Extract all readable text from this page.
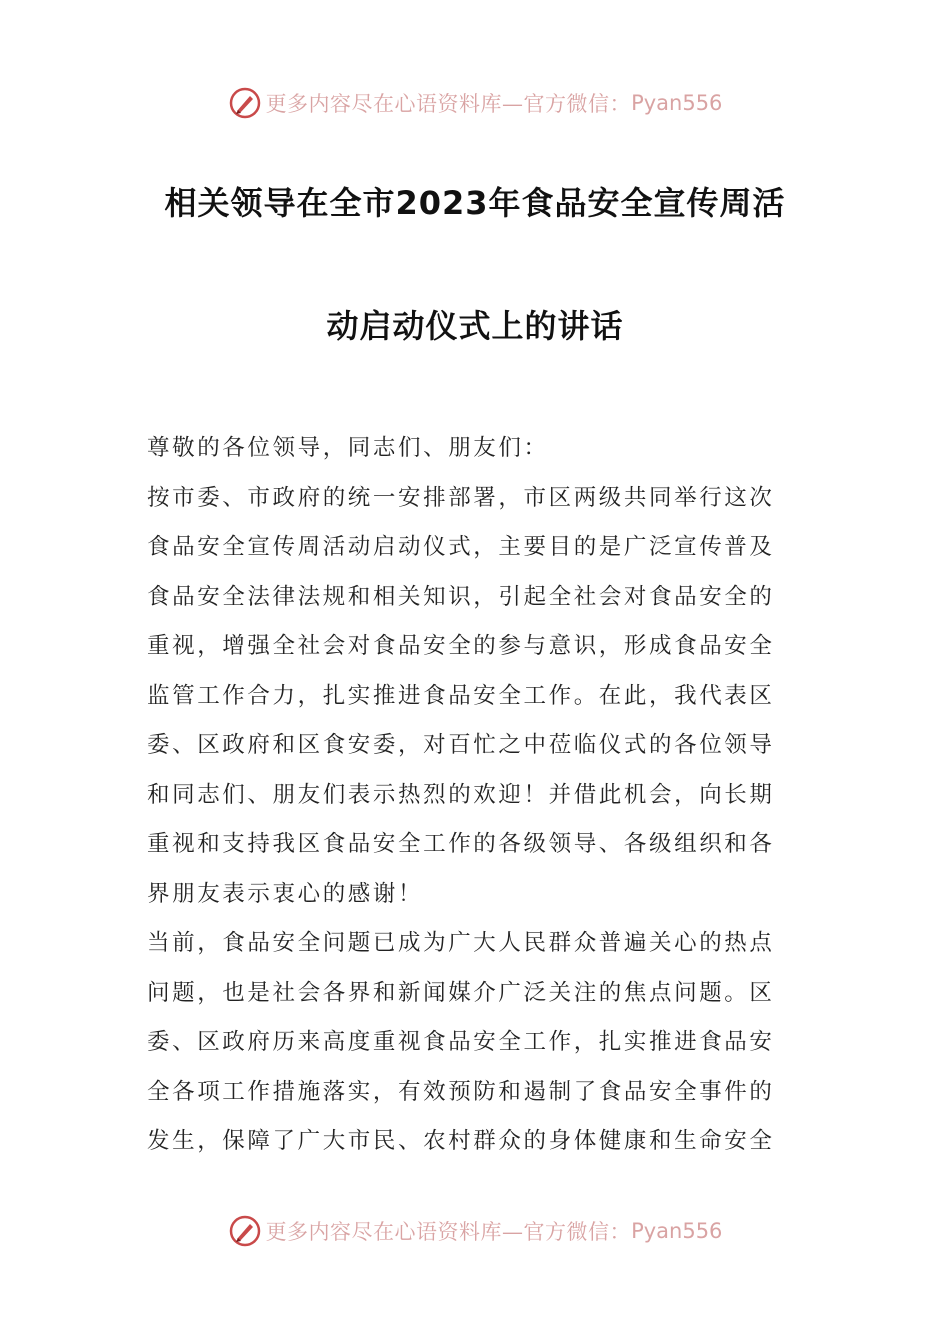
更多内容尽在心语资料库—官方微信： Pyan556
相关领导在全市2023年食品安全宣传周活
动启动仪式上的讲话
尊敬的各位领导，同志们、朋友们：
按市委、市政府的统一安排部署，市区两级共同举行这次
食品安全宣传周活动启动仪式，主要目的是广泛宣传普及
食品安全法律法规和相关知识，引起全社会对食品安全的
重视，增强全社会对食品安全的参与意识，形成食品安全
监管工作合力，扎实推进食品安全工作。在此，我代表区
委、区政府和区食安委，对百忙之中莅临仪式的各位领导
和同志们、朋友们表示热烈的欢迎！并借此机会，向长期
重视和支持我区食品安全工作的各级领导、各级组织和各
界朋友表示衷心的感谢！
当前，食品安全问题已成为广大人民群众普遍关心的热点
问题，也是社会各界和新闻媒介广泛关注的焦点问题。区
委、区政府历来高度重视食品安全工作，扎实推进食品安
全各项工作措施落实，有效预防和遏制了食品安全事件的
发生，保障了广大市民、农村群众的身体健康和生命安全
更多内容尽在心语资料库—官方微信： Pyan556
